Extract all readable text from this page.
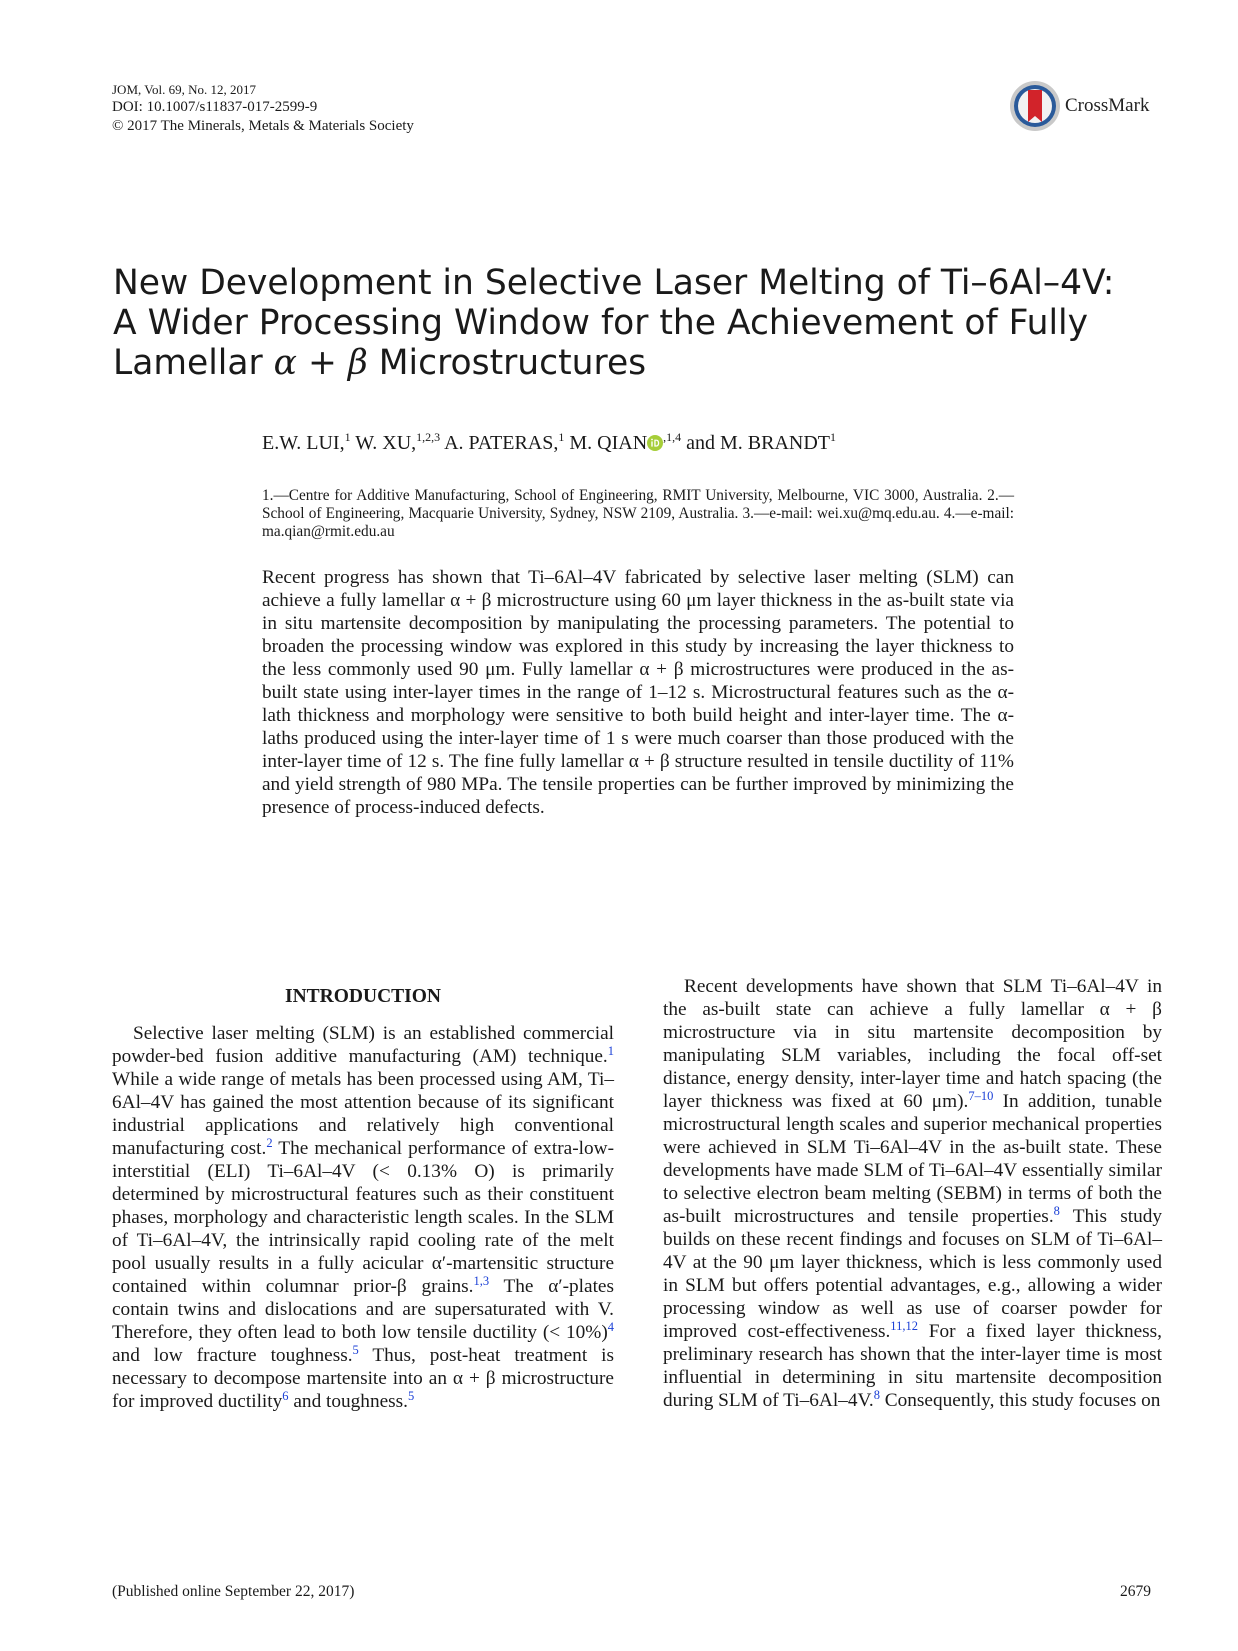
JOM, Vol. 69, No. 12, 2017
DOI: 10.1007/s11837-017-2599-9
© 2017 The Minerals, Metals & Materials Society
CrossMark
New Development in Selective Laser Melting of Ti–6Al–4V:
A Wider Processing Window for the Achievement of Fully
Lamellar α + β Microstructures
E.W. LUI,$^1$ W. XU,$^{1,2,3}$ A. PATERAS,$^1$ M. QIAN $^{,1,4}$ and M. BRANDT$^1$
1.—Centre for Additive Manufacturing, School of Engineering, RMIT University, Melbourne, VIC 3000, Australia. 2.—School of Engineering, Macquarie University, Sydney, NSW 2109, Australia. 3.—e-mail: wei.xu@mq.edu.au. 4.—e-mail: ma.qian@rmit.edu.au
Recent progress has shown that Ti–6Al–4V fabricated by selective laser melting (SLM) can achieve a fully lamellar α + β microstructure using 60 μm layer thickness in the as-built state via in situ martensite decomposition by manipulating the processing parameters. The potential to broaden the processing window was explored in this study by increasing the layer thickness to the less commonly used 90 μm. Fully lamellar α + β microstructures were produced in the as-built state using inter-layer times in the range of 1–12 s. Microstructural features such as the α-lath thickness and morphology were sensitive to both build height and inter-layer time. The α-laths produced using the inter-layer time of 1 s were much coarser than those produced with the inter-layer time of 12 s. The fine fully lamellar α + β structure resulted in tensile ductility of 11% and yield strength of 980 MPa. The tensile properties can be further improved by minimizing the presence of process-induced defects.
INTRODUCTION

Selective laser melting (SLM) is an established commercial powder-bed fusion additive manufacturing (AM) technique.$^1$ While a wide range of metals has been processed using AM, Ti–6Al–4V has gained the most attention because of its significant industrial applications and relatively high conventional manufacturing cost.$^2$ The mechanical performance of extra-low-interstitial (ELI) Ti–6Al–4V (< 0.13% O) is primarily determined by microstructural features such as their constituent phases, morphology and characteristic length scales. In the SLM of Ti–6Al–4V, the intrinsically rapid cooling rate of the melt pool usually results in a fully acicular α′-martensitic structure contained within columnar prior-β grains.$^{1,3}$ The α′-plates contain twins and dislocations and are supersaturated with V. Therefore, they often lead to both low tensile ductility (< 10%)$^4$ and low fracture toughness.$^5$ Thus, post-heat treatment is necessary to decompose martensite into an α + β microstructure for improved ductility$^6$ and toughness.$^5$

Recent developments have shown that SLM Ti–6Al–4V in the as-built state can achieve a fully lamellar α + β microstructure via in situ martensite decomposition by manipulating SLM variables, including the focal off-set distance, energy density, inter-layer time and hatch spacing (the layer thickness was fixed at 60 μm).$^{7-10}$ In addition, tunable microstructural length scales and superior mechanical properties were achieved in SLM Ti–6Al–4V in the as-built state. These developments have made SLM of Ti–6Al–4V essentially similar to selective electron beam melting (SEBM) in terms of both the as-built microstructures and tensile properties.$^8$ This study builds on these recent findings and focuses on SLM of Ti–6Al–4V at the 90 μm layer thickness, which is less commonly used in SLM but offers potential advantages, e.g., allowing a wider processing window as well as use of coarser powder for improved cost-effectiveness.$^{11,12}$ For a fixed layer thickness, preliminary research has shown that the inter-layer time is most influential in determining in situ martensite decomposition during SLM of Ti–6Al–4V.$^8$ Consequently, this study focuses on

(Published online September 22, 2017)	2679
